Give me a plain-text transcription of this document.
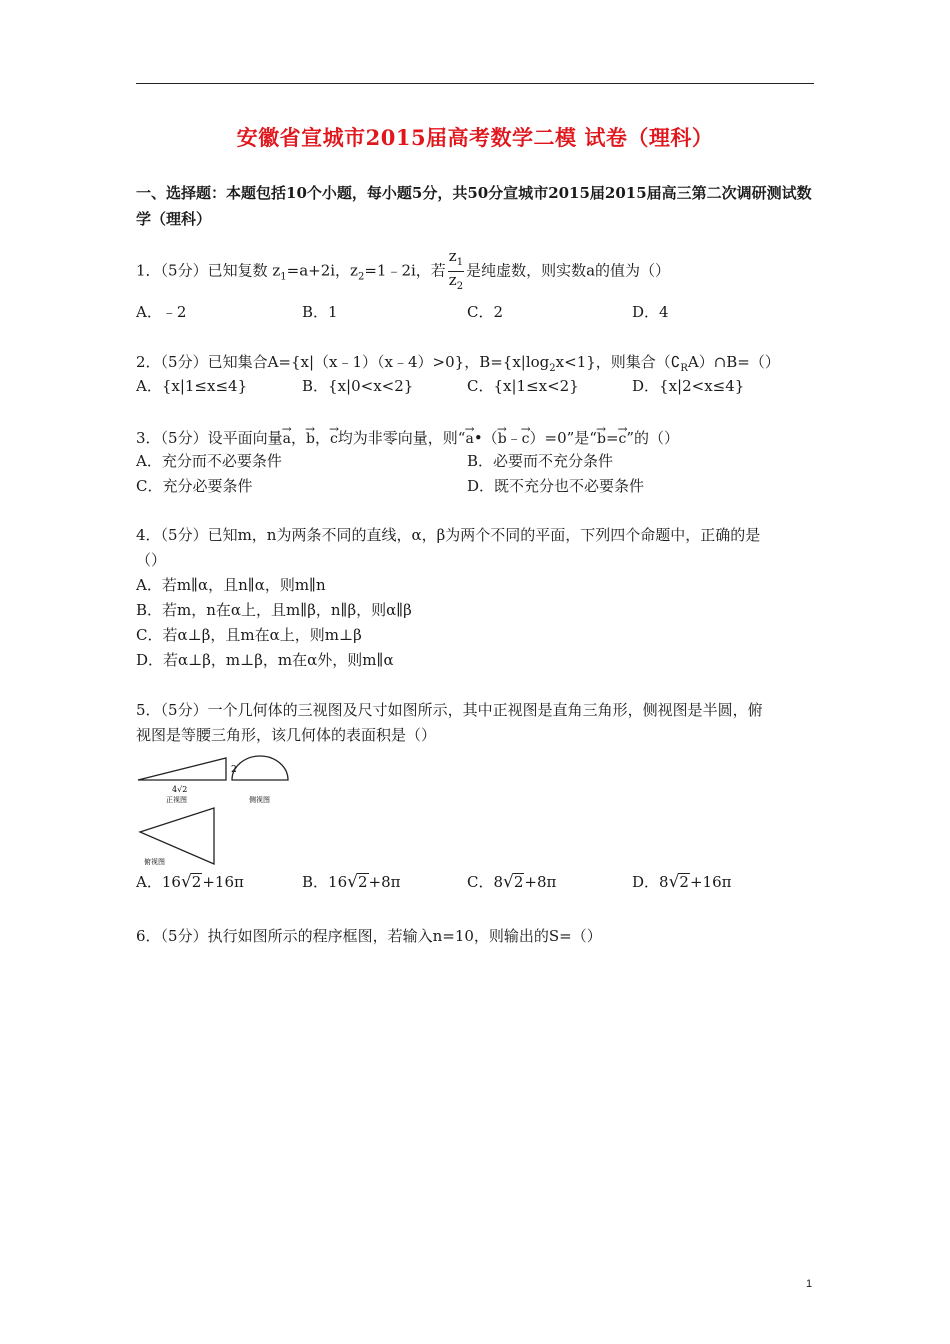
安徽省宣城市2015届高考数学二模 试卷（理科）
一、选择题：本题包括10个小题，每小题5分，共50分宣城市2015届2015届高三第二次调研测试数学（理科）
1．（5分）已知复数 $z_1=a+2i$，$z_2=1﹣2i$，若 $\frac{z_1}{z_2}$ 是纯虚数，则实数a的值为（）
A．﹣2	B．1	C．2	D．4
2．（5分）已知集合A={x|（x﹣1）（x﹣4）>0}，$B=\{x|\log_2x<1\}$，则集合$(∁_RA)\cap B=()$
A．{x|1≤x≤4}	B．{x|0<x<2}	C．{x|1≤x<2}	D．{x|2<x≤4}
3．（5分）设平面向量→ a，→ b，→ c均为非零向量，则“→ a•（→ b﹣→ c）=0”是“→ b=→ c”的（）
A．充分而不必要条件	B．必要而不充分条件
C．充分必要条件	D．既不充分也不必要条件
4．（5分）已知m，n为两条不同的直线，α，β为两个不同的平面，下列四个命题中，正确的是
（）
A．若m∥α，且n∥α，则m∥n
B．若m，n在α上，且m∥β，n∥β，则α∥β
C．若α⊥β，且m在α上，则m⊥β
D．若α⊥β，m⊥β，m在α外，则m∥α
5．（5分）一个几何体的三视图及尺寸如图所示，其中正视图是直角三角形，侧视图是半圆，俯
视图是等腰三角形，该几何体的表面积是（）
2
4√2
正视图	侧视图
俯视图
A．16√2+16π	B．16√2+8π	C．8√2+8π	D．8√2+16π
6．（5分）执行如图所示的程序框图，若输入n=10，则输出的S=（）
1
